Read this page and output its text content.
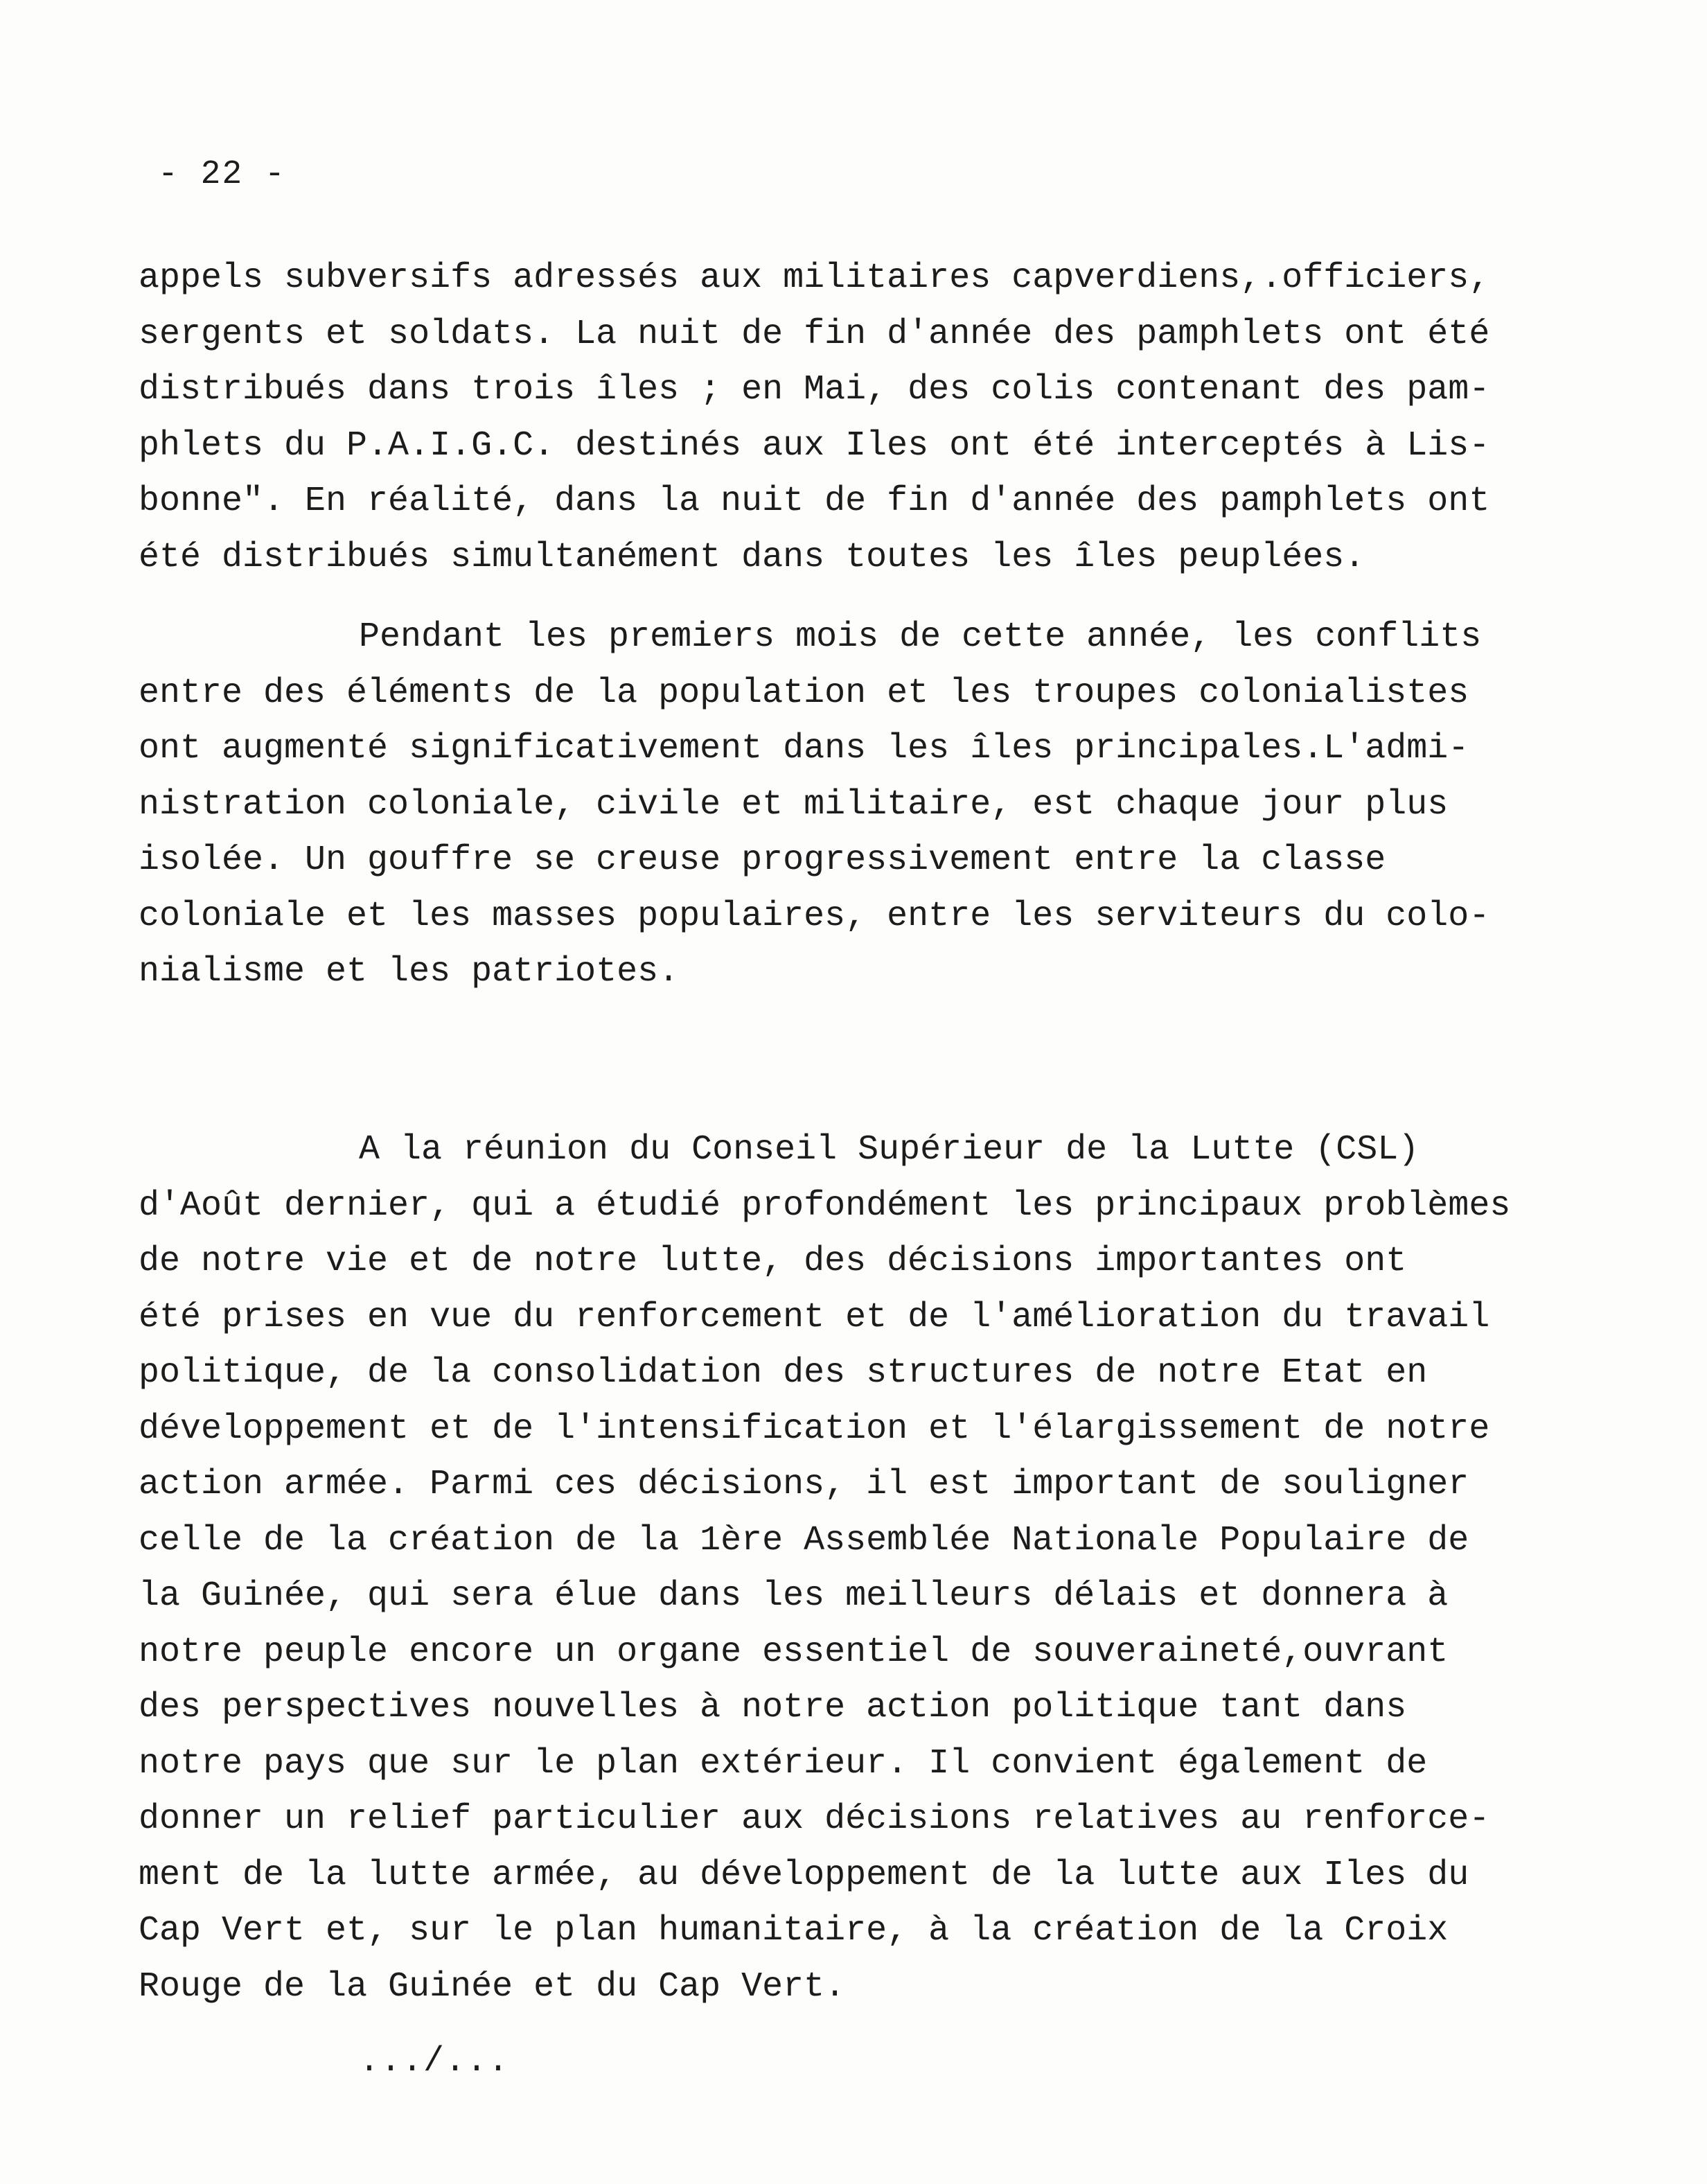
- 22 -
appels subversifs adressés aux militaires capverdiens,.officiers,
sergents et soldats. La nuit de fin d'année des pamphlets ont été
distribués dans trois îles ; en Mai, des colis contenant des pam-
phlets du P.A.I.G.C. destinés aux Iles ont été interceptés à Lis-
bonne". En réalité, dans la nuit de fin d'année des pamphlets ont
été distribués simultanément dans toutes les îles peuplées.
Pendant les premiers mois de cette année, les conflits
entre des éléments de la population et les troupes colonialistes
ont augmenté significativement dans les îles principales.L'admi-
nistration coloniale, civile et militaire, est chaque jour plus
isolée. Un gouffre se creuse progressivement entre la classe
coloniale et les masses populaires, entre les serviteurs du colo-
nialisme et les patriotes.
A la réunion du Conseil Supérieur de la Lutte (CSL)
d'Août dernier, qui a étudié profondément les principaux problèmes
de notre vie et de notre lutte, des décisions importantes ont
été prises en vue du renforcement et de l'amélioration du travail
politique, de la consolidation des structures de notre Etat en
développement et de l'intensification et l'élargissement de notre
action armée. Parmi ces décisions, il est important de souligner
celle de la création de la 1ère Assemblée Nationale Populaire de
la Guinée, qui sera élue dans les meilleurs délais et donnera à
notre peuple encore un organe essentiel de souveraineté,ouvrant
des perspectives nouvelles à notre action politique tant dans
notre pays que sur le plan extérieur. Il convient également de
donner un relief particulier aux décisions relatives au renforce-
ment de la lutte armée, au développement de la lutte aux Iles du
Cap Vert et, sur le plan humanitaire, à la création de la Croix
Rouge de la Guinée et du Cap Vert.
.../...
